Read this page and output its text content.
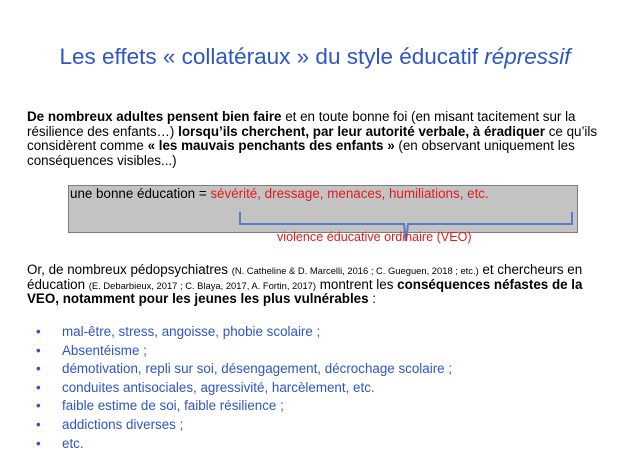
Les effets « collatéraux » du style éducatif répressif
De nombreux adultes pensent bien faire et en toute bonne foi (en misant tacitement sur la résilience des enfants…) lorsqu’ils cherchent, par leur autorité verbale, à éradiquer ce qu’ils considèrent comme « les mauvais penchants des enfants » (en observant uniquement les conséquences visibles...)
une bonne éducation = sévérité, dressage, menaces, humiliations, etc.
violence éducative ordinaire (VEO)
Or, de nombreux pédopsychiatres (N. Catheline & D. Marcelli, 2016 ; C. Gueguen, 2018 ; etc.) et chercheurs en éducation (E. Debarbieux, 2017 ; C. Blaya, 2017, A. Fortin, 2017) montrent les conséquences néfastes de la VEO, notamment pour les jeunes les plus vulnérables :
• mal-être, stress, angoisse, phobie scolaire ;
• Absentéisme ;
• démotivation, repli sur soi, désengagement, décrochage scolaire ;
• conduites antisociales, agressivité, harcèlement, etc.
• faible estime de soi, faible résilience ;
• addictions diverses ;
• etc.
